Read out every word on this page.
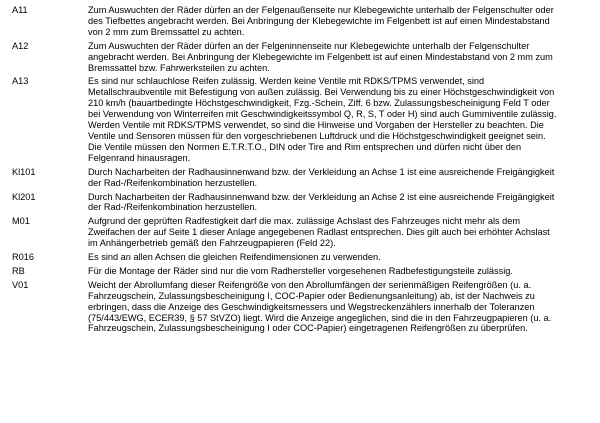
A11	Zum Auswuchten der Räder dürfen an der Felgenaußenseite nur Klebegewichte unterhalb der Felgenschulter oder
des Tiefbettes angebracht werden. Bei Anbringung der Klebegewichte im Felgenbett ist auf einen Mindestabstand
von 2 mm zum Bremssattel zu achten.
A12	Zum Auswuchten der Räder dürfen an der Felgeninnenseite nur Klebegewichte unterhalb der Felgenschulter
angebracht werden. Bei Anbringung der Klebegewichte im Felgenbett ist auf einen Mindestabstand von 2 mm zum
Bremssattel bzw. Fahrwerksteilen zu achten.
A13	Es sind nur schlauchlose Reifen zulässig. Werden keine Ventile mit RDKS/TPMS verwendet, sind
Metallschraubventile mit Befestigung von außen zulässig. Bei Verwendung bis zu einer Höchstgeschwindigkeit von
210 km/h (bauartbedingte Höchstgeschwindigkeit, Fzg.-Schein, Ziff. 6 bzw. Zulassungsbescheinigung Feld T oder
bei Verwendung von Winterreifen mit Geschwindigkeitssymbol Q, R, S, T oder H) sind auch Gummiventile zulässig.
Werden Ventile mit RDKS/TPMS verwendet, so sind die Hinweise und Vorgaben der Hersteller zu beachten. Die
Ventile und Sensoren müssen für den vorgeschriebenen Luftdruck und die Höchstgeschwindigkeit geeignet sein.
Die Ventile müssen den Normen E.T.R.T.O., DIN oder Tire and Rim entsprechen und dürfen nicht über den
Felgenrand hinausragen.
Kl101	Durch Nacharbeiten der Radhausinnenwand bzw. der Verkleidung an Achse 1 ist eine ausreichende Freigängigkeit
der Rad-/Reifenkombination herzustellen.
Kl201	Durch Nacharbeiten der Radhausinnenwand bzw. der Verkleidung an Achse 2 ist eine ausreichende Freigängigkeit
der Rad-/Reifenkombination herzustellen.
M01	Aufgrund der geprüften Radfestigkeit darf die max. zulässige Achslast des Fahrzeuges nicht mehr als dem
Zweifachen der auf Seite 1 dieser Anlage angegebenen Radlast entsprechen. Dies gilt auch bei erhöhter Achslast
im Anhängerbetrieb gemäß den Fahrzeugpapieren (Feld 22).
R016	Es sind an allen Achsen die gleichen Reifendimensionen zu verwenden.
RB	Für die Montage der Räder sind nur die vom Radhersteller vorgesehenen Radbefestigungsteile zulässig.
V01	Weicht der Abrollumfang dieser Reifengröße von den Abrollumfängen der serienmäßigen Reifengrößen (u. a.
Fahrzeugschein, Zulassungsbescheinigung I, COC-Papier oder Bedienungsanleitung) ab, ist der Nachweis zu
erbringen, dass die Anzeige des Geschwindigkeitsmessers und Wegstreckenzählers innerhalb der Toleranzen
(75/443/EWG, ECER39, § 57 StVZO) liegt. Wird die Anzeige angeglichen, sind die in den Fahrzeugpapieren (u. a.
Fahrzeugschein, Zulassungsbescheinigung I oder COC-Papier) eingetragenen Reifengrößen zu überprüfen.
